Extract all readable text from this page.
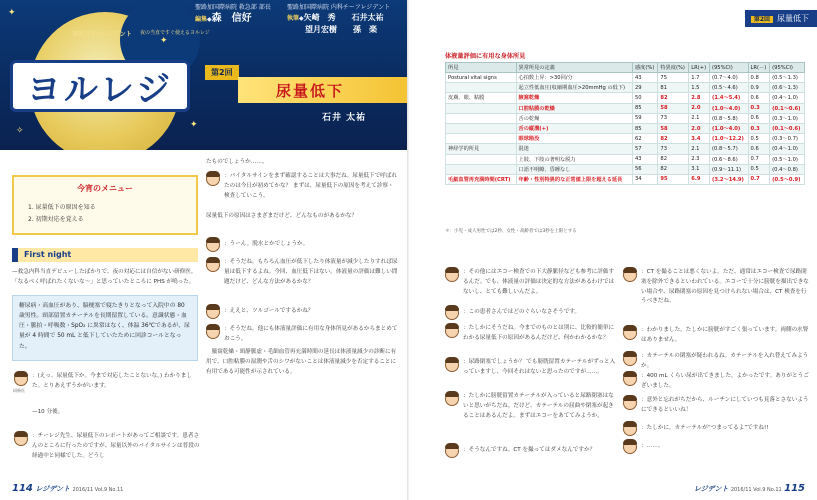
✦
✦
✦
✧
夜間当直のレジデント 夜の当直ですぐ使えるヨルレジ
ヨルレジ
聖路加国際病院 救急部 部長
編集◆森　信好
聖路加国際病院 内科チーフレジデント
執筆◆矢崎　秀　　石井太祐
望月宏樹　　孫　楽
第2回
尿量低下
石井 太祐
今宵のメニュー
1. 尿量低下の原因を知る
2. 初期対応を覚える
First night
—救急内科当直デビューしたばかりで、夜の対応には自信がない研修医。「なるべく呼ばれたくないな～」と思っていたところに PHS が鳴った。
糖尿病・高血圧があり、脳梗塞で寝たきりとなって入院中の 80 歳男性。頸部留置カテーテルを長期留置している。意識状態・血圧・脈拍・呼吸数・SpO₂ に異常はなく、体温 36℃であるが、尿量が 4 時間で 50 mL と低下していたために回診コールとなった。
研修医
：(えっ。尿量低下か。今まで対応したことないな。) わかりました。とりあえずうかがいます。
—10 分後。
：チーレジ先生、尿量低下のレポートがあってご相談です。患者さんのところに行ったのですが、尿量以外のバイタルサインは普段の経過中と同様でした。どうし
たものでしょうか……。
：バイタルサインをまず確認することは大事だね。尿量低下で呼ばれたのは今日が初めてかな？ まずは、尿量低下の原因を考えて診察・検査していこう。
尿量低下の原因はさまざまだけど、どんなものがあるかな？
：うーん。脱水とかでしょうか。
：そうだね。もちろん血圧が低下したり体液量が減少したりすれば尿量は低下するよね。今回、血圧低下はない。体液量の評価は難しい問題だけど、どんな方法があるかな？
：ええと、ツルゴールでするかね？
：そうだね。他にも体液量評価に有用な身体所見があるからまとめておこう。
　腋窩乾燥・頸静脈虚・毛細血管再充満時間の延長は体液量減少の診断に有用で、口腔粘膜の湿潤や舌のシワがないことは体液量減少を否定することに有用である可能性が示されている。
114 レジデント 2016/11 Vol.9 No.11
第2回 尿量低下
体液量評価に有用な身体所見
所見	異常所見の定義	感度(%)	特異度(%)	LR(+)	(95%CI)	LR(－)	(95%CI)
Postural vital signs	心拍数上昇：>30回/分	43	75	1.7	(0.7～4.0)	0.8	(0.5～1.3)
	起立性低血圧(収縮期血圧>20mmHg の低下)	29	81	1.5	(0.5～4.6)	0.9	(0.6～1.3)
皮膚、眼、粘膜	腋窩乾燥	50	82	2.8	(1.4～5.4)	0.6	(0.4～1.0)
	口腔粘膜の乾燥	85	58	2.0	(1.0～4.0)	0.3	(0.1～0.6)
	舌の乾燥	59	73	2.1	(0.8～5.8)	0.6	(0.3～1.0)
	舌の縦溝(+)	85	58	2.0	(1.0～4.0)	0.3	(0.1～0.6)
	眼球陥没	62	82	3.4	(1.0～12.2)	0.5	(0.3～0.7)
神経学的所見	混迷	57	73	2.1	(0.8～5.7)	0.6	(0.4～1.0)
	上肢、下肢の著明な脱力	43	82	2.3	(0.6～8.6)	0.7	(0.5～1.0)
	口語不明瞭、昏睡なし	56	82	3.1	(0.9～11.1)	0.5	(0.4～0.8)
毛細血管再充満時間(CRT)	年齢・性別特異的な正常値上限を超える延長	34	95	6.9	(3.2～14.9)	0.7	(0.5～0.9)
＊：小児・成人男性では2秒、女性・高齢者では3秒を上限とする
：その他にはエコー検査での下大静脈径なども参考に評価するんだ。でも、体液量の評価は決定的な方法があるわけではないし、とても難しいんだよ。
：この患者さんではどのぐらいなさそうです。
：たしかにそうだね。今までのものとは別に、比較的簡単にわかる尿量低下の原因があるんだけど、何かわかるかな？
：尿路閉塞でしょうか？ でも膀胱留置カテーテルがずっと入っていますし、今回それはないと思ったのですが……。
：たしかに膀胱留置カテーテルが入っていると尿路閉塞はないと思いがちだね。だけど、カテーテルの屈曲や閉塞が起きることはあるんだよ。まずはエコーをあててみようか。
：そうなんですね。CT を撮ってはダメなんですか？
：CT を撮ることは悪くないよ。ただ、通常はエコー検査で尿路閉塞を除外できるといわれている。エコーで十分に膀胱を描出できない場合や、尿路閉塞の原因を見つけられない場合は、CT 検査を行うべきだね。
：わかりました。たしかに膀胱がすごく張っています。両側の水腎はありません。
：カテーテルの閉塞が疑われるね。カテーテルを入れ替えてみようか。
：400 mL くらい尿が出てきました。よかったです。ありがとうございました。
：意外と忘れがちだから、ルーチンにしていつも見落とさないようにできるといいね！
：たしかに。カテーテルが“つまってるよ”ですね!!
：……。
レジデント 2016/11 Vol.9 No.11 115
